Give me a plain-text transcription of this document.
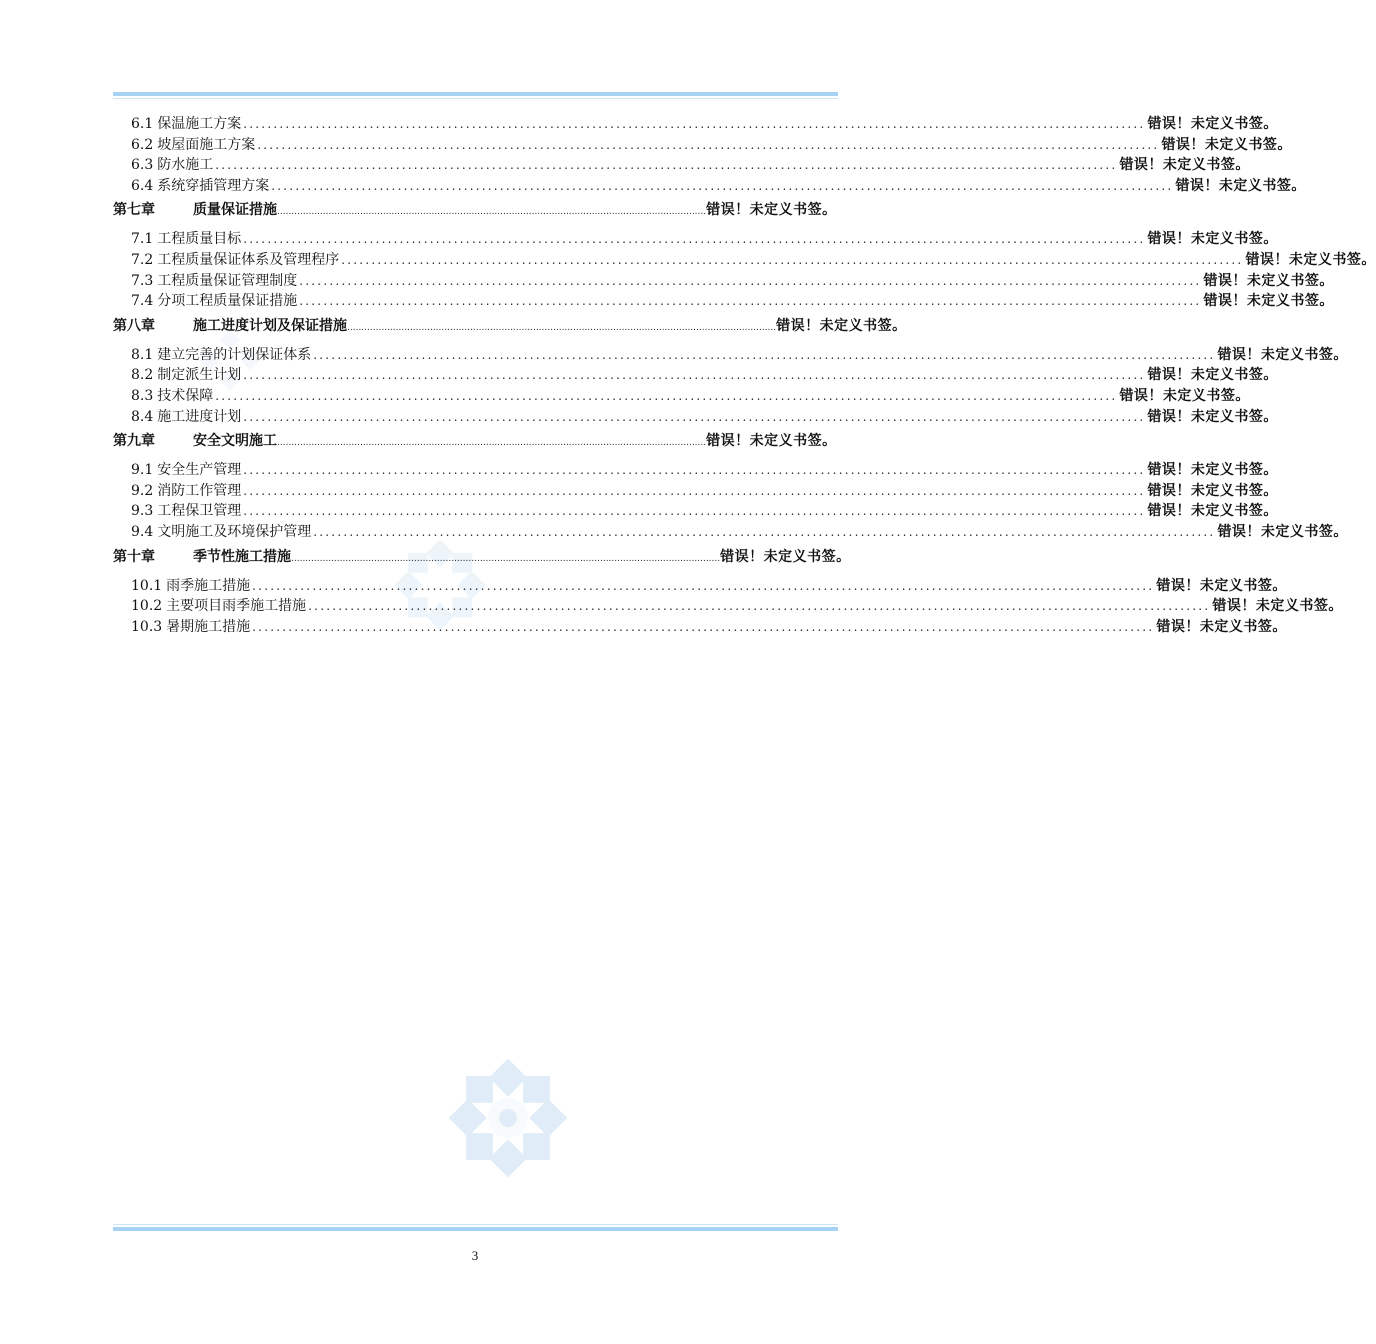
6.1 保温施工方案 ...................................................................................................................................................... 错误！未定义书签。
6.2 坡屋面施工方案 ...................................................................................................................................................... 错误！未定义书签。
6.3 防水施工 ...................................................................................................................................................... 错误！未定义书签。
6.4 系统穿插管理方案 ...................................................................................................................................................... 错误！未定义书签。
第七章	质量保证措施 ...................................................................................................................................................... 错误！未定义书签。
7.1 工程质量目标 ...................................................................................................................................................... 错误！未定义书签。
7.2 工程质量保证体系及管理程序 ...................................................................................................................................................... 错误！未定义书签。
7.3 工程质量保证管理制度 ...................................................................................................................................................... 错误！未定义书签。
7.4 分项工程质量保证措施 ...................................................................................................................................................... 错误！未定义书签。
第八章	施工进度计划及保证措施 ...................................................................................................................................................... 错误！未定义书签。
8.1 建立完善的计划保证体系 ...................................................................................................................................................... 错误！未定义书签。
8.2 制定派生计划 ...................................................................................................................................................... 错误！未定义书签。
8.3 技术保障 ...................................................................................................................................................... 错误！未定义书签。
8.4 施工进度计划 ...................................................................................................................................................... 错误！未定义书签。
第九章	安全文明施工 ...................................................................................................................................................... 错误！未定义书签。
9.1 安全生产管理 ...................................................................................................................................................... 错误！未定义书签。
9.2 消防工作管理 ...................................................................................................................................................... 错误！未定义书签。
9.3 工程保卫管理 ...................................................................................................................................................... 错误！未定义书签。
9.4 文明施工及环境保护管理 ...................................................................................................................................................... 错误！未定义书签。
第十章	季节性施工措施 ...................................................................................................................................................... 错误！未定义书签。
10.1 雨季施工措施 ...................................................................................................................................................... 错误！未定义书签。
10.2 主要项目雨季施工措施 ...................................................................................................................................................... 错误！未定义书签。
10.3 暑期施工措施 ...................................................................................................................................................... 错误！未定义书签。
3
